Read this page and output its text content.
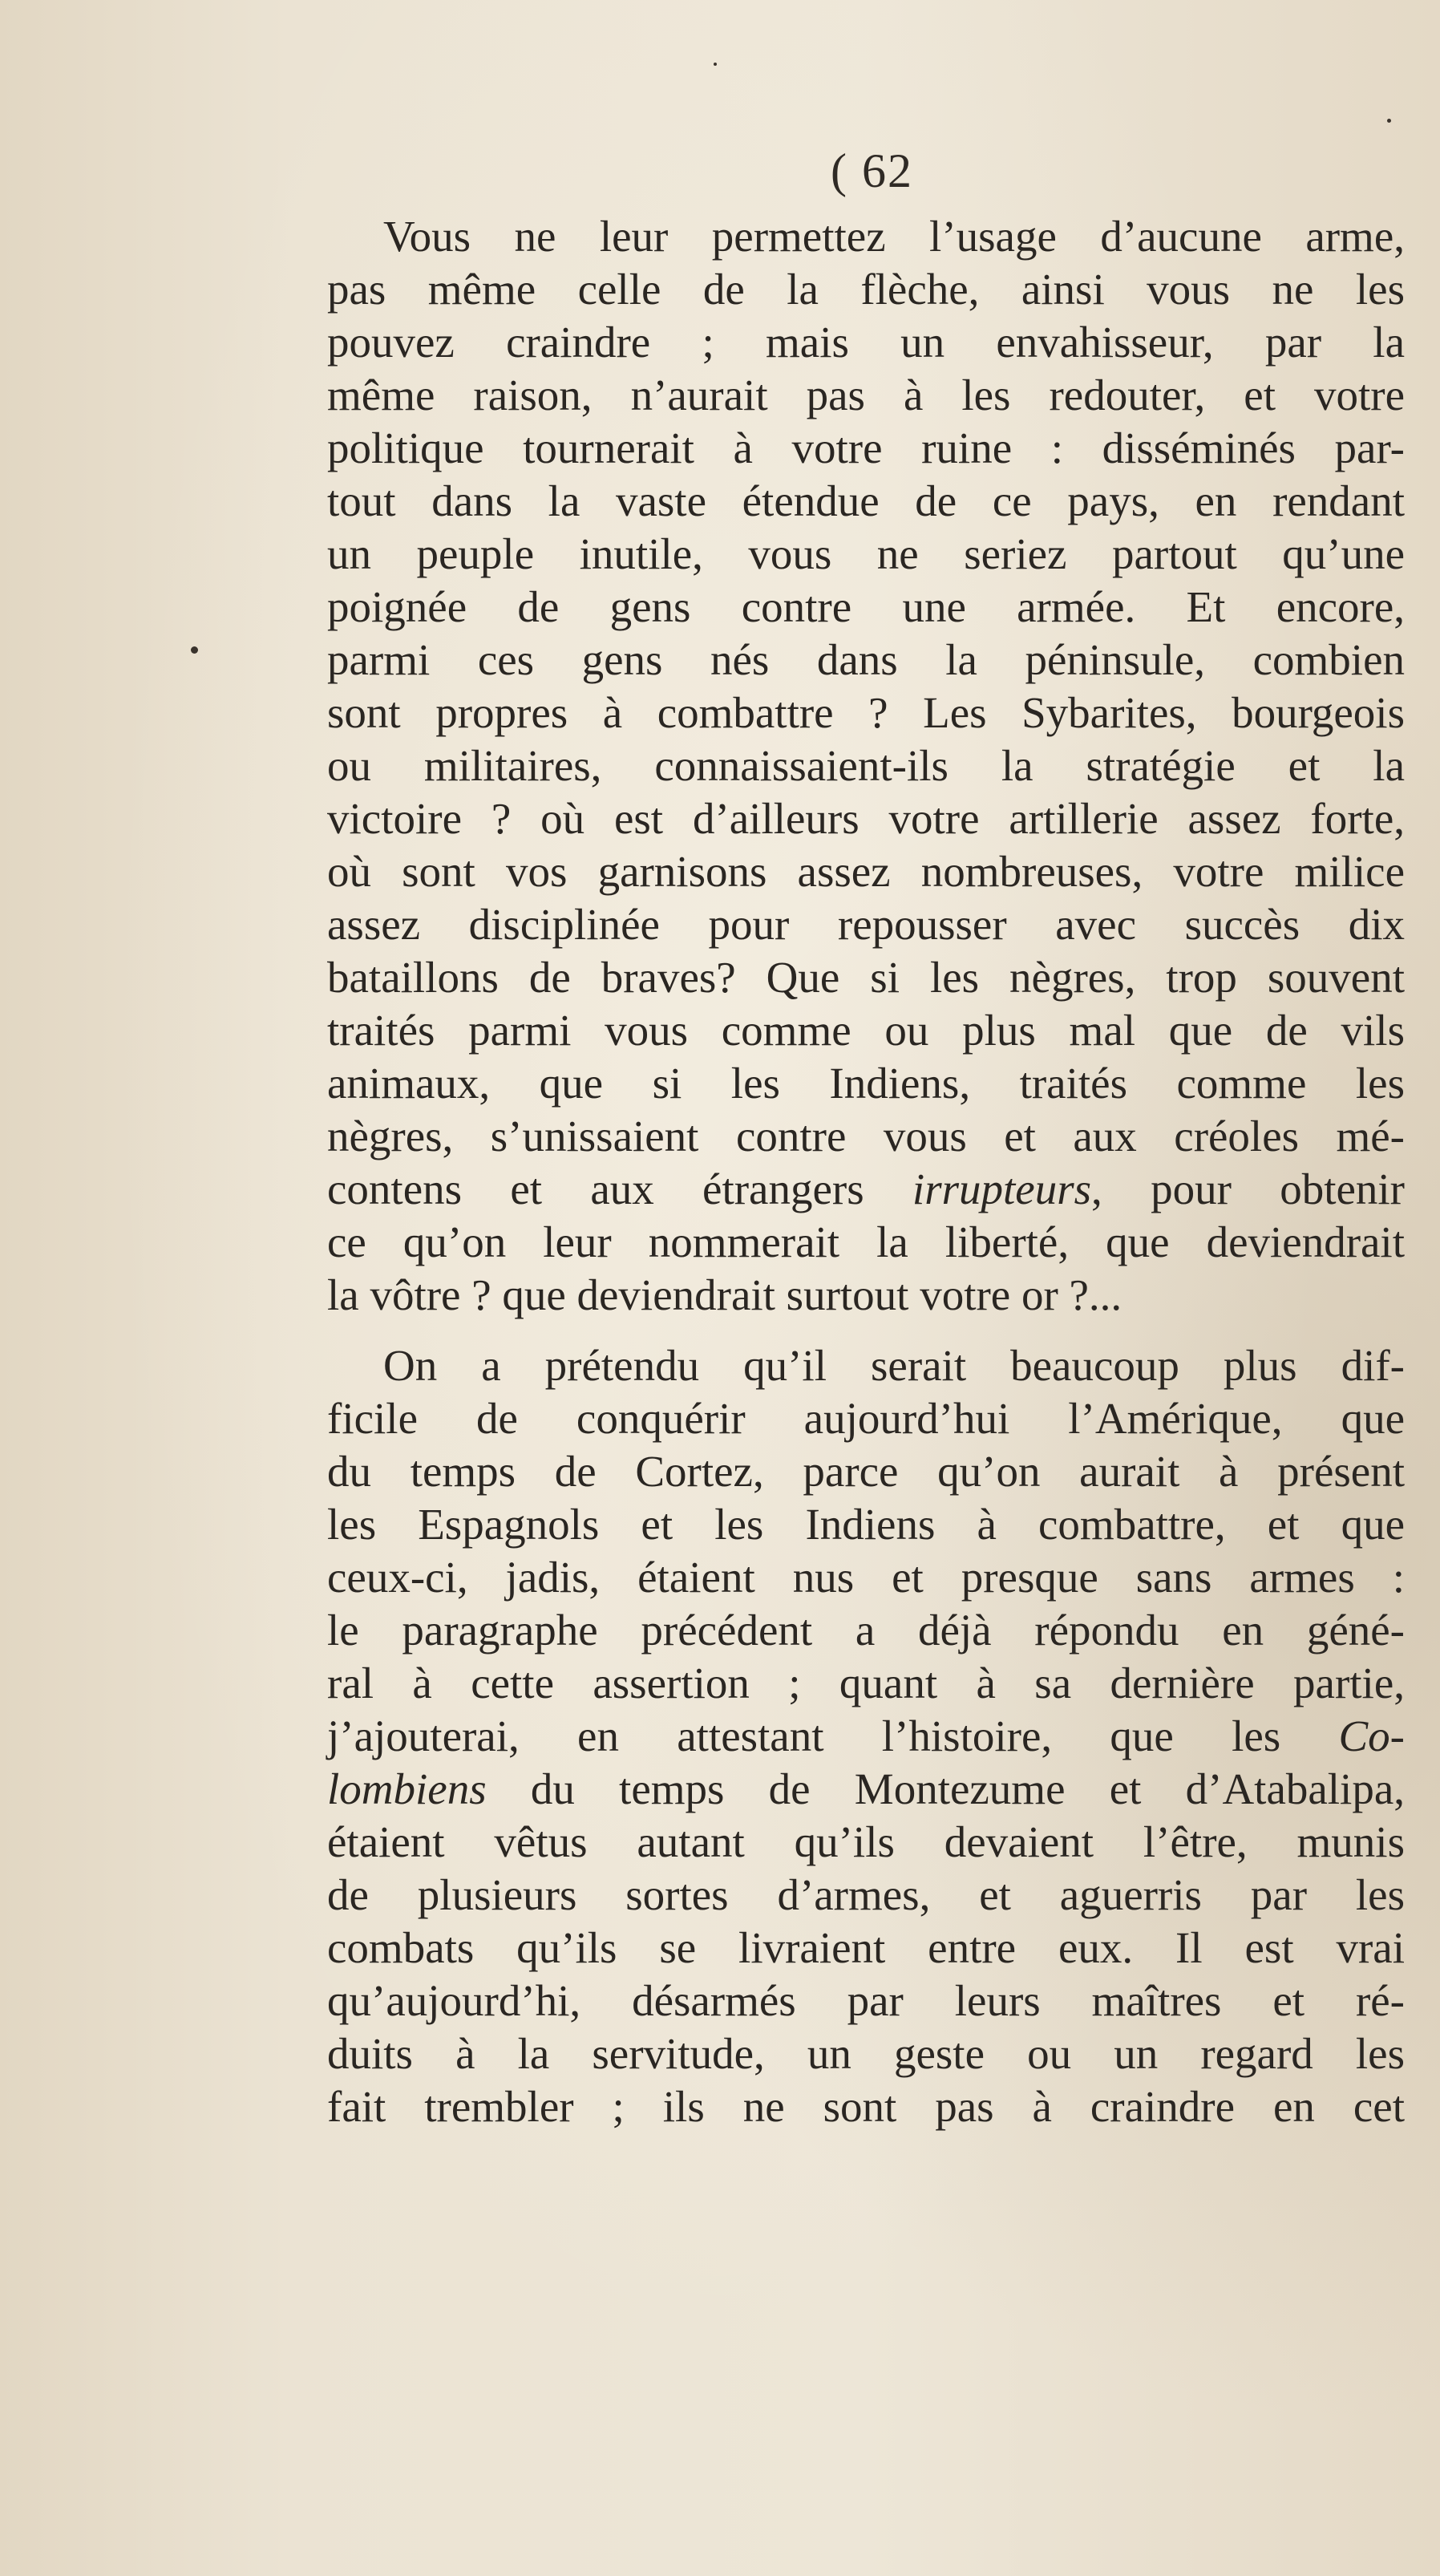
( 62
Vous ne leur permettez l’usage d’aucune arme,
pas même celle de la flèche, ainsi vous ne les
pouvez craindre ; mais un envahisseur, par la
même raison, n’aurait pas à les redouter, et votre
politique tournerait à votre ruine : disséminés par-
tout dans la vaste étendue de ce pays, en rendant
un peuple inutile, vous ne seriez partout qu’une
poignée de gens contre une armée. Et encore,
parmi ces gens nés dans la péninsule, combien
sont propres à combattre ? Les Sybarites, bourgeois
ou militaires, connaissaient-ils la stratégie et la
victoire ? où est d’ailleurs votre artillerie assez forte,
où sont vos garnisons assez nombreuses, votre milice
assez disciplinée pour repousser avec succès dix
bataillons de braves? Que si les nègres, trop souvent
traités parmi vous comme ou plus mal que de vils
animaux, que si les Indiens, traités comme les
nègres, s’unissaient contre vous et aux créoles mé-
contens et aux étrangers irrupteurs, pour obtenir
ce qu’on leur nommerait la liberté, que deviendrait
la vôtre ? que deviendrait surtout votre or ?...
On a prétendu qu’il serait beaucoup plus dif-
ficile de conquérir aujourd’hui l’Amérique, que
du temps de Cortez, parce qu’on aurait à présent
les Espagnols et les Indiens à combattre, et que
ceux-ci, jadis, étaient nus et presque sans armes :
le paragraphe précédent a déjà répondu en géné-
ral à cette assertion ; quant à sa dernière partie,
j’ajouterai, en attestant l’histoire, que les Co-
lombiens du temps de Montezume et d’Atabalipa,
étaient vêtus autant qu’ils devaient l’être, munis
de plusieurs sortes d’armes, et aguerris par les
combats qu’ils se livraient entre eux. Il est vrai
qu’aujourd’hi, désarmés par leurs maîtres et ré-
duits à la servitude, un geste ou un regard les
fait trembler ; ils ne sont pas à craindre en cet
